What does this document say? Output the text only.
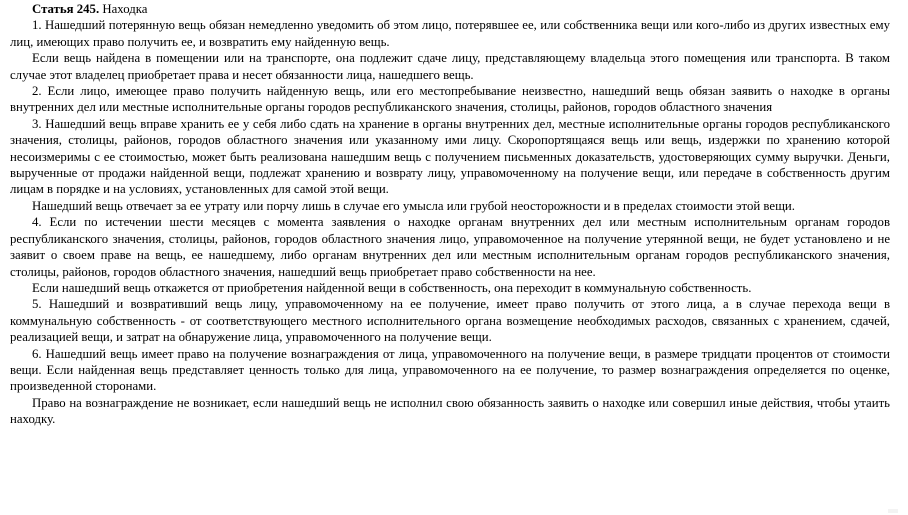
Статья 245. Находка

1. Нашедший потерянную вещь обязан немедленно уведомить об этом лицо, потерявшее ее, или собственника вещи или кого-либо из других известных ему лиц, имеющих право получить ее, и возвратить ему найденную вещь.

Если вещь найдена в помещении или на транспорте, она подлежит сдаче лицу, представляющему владельца этого помещения или транспорта. В таком случае этот владелец приобретает права и несет обязанности лица, нашедшего вещь.

2. Если лицо, имеющее право получить найденную вещь, или его местопребывание неизвестно, нашедший вещь обязан заявить о находке в органы внутренних дел или местные исполнительные органы городов республиканского значения, столицы, районов, городов областного значения

3. Нашедший вещь вправе хранить ее у себя либо сдать на хранение в органы внутренних дел, местные исполнительные органы городов республиканского значения, столицы, районов, городов областного значения или указанному ими лицу. Скоропортящаяся вещь или вещь, издержки по хранению которой несоизмеримы с ее стоимостью, может быть реализована нашедшим вещь с получением письменных доказательств, удостоверяющих сумму выручки. Деньги, вырученные от продажи найденной вещи, подлежат хранению и возврату лицу, управомоченному на получение вещи, или передаче в собственность другим лицам в порядке и на условиях, установленных для самой этой вещи.

Нашедший вещь отвечает за ее утрату или порчу лишь в случае его умысла или грубой неосторожности и в пределах стоимости этой вещи.

4. Если по истечении шести месяцев с момента заявления о находке органам внутренних дел или местным исполнительным органам городов республиканского значения, столицы, районов, городов областного значения лицо, управомоченное на получение утерянной вещи, не будет установлено и не заявит о своем праве на вещь, ее нашедшему, либо органам внутренних дел или местным исполнительным органам городов республиканского значения, столицы, районов, городов областного значения, нашедший вещь приобретает право собственности на нее.

Если нашедший вещь откажется от приобретения найденной вещи в собственность, она переходит в коммунальную собственность.

5. Нашедший и возвративший вещь лицу, управомоченному на ее получение, имеет право получить от этого лица, а в случае перехода вещи в коммунальную собственность - от соответствующего местного исполнительного органа возмещение необходимых расходов, связанных с хранением, сдачей, реализацией вещи, и затрат на обнаружение лица, управомоченного на получение вещи.

6. Нашедший вещь имеет право на получение вознаграждения от лица, управомоченного на получение вещи, в размере тридцати процентов от стоимости вещи. Если найденная вещь представляет ценность только для лица, управомоченного на ее получение, то размер вознаграждения определяется по оценке, произведенной сторонами.

Право на вознаграждение не возникает, если нашедший вещь не исполнил свою обязанность заявить о находке или совершил иные действия, чтобы утаить находку.
